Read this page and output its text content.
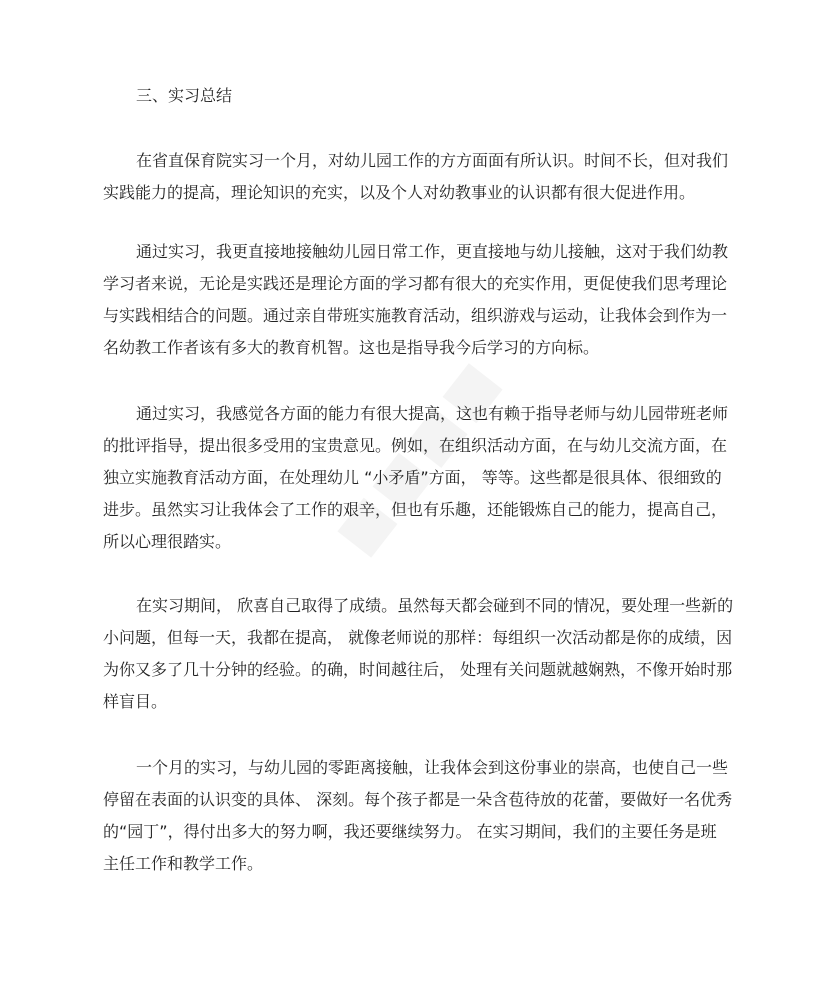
三、实习总结
在省直保育院实习一个月，对幼儿园工作的方方面面有所认识。时间不长，但对我们
实践能力的提高，理论知识的充实，以及个人对幼教事业的认识都有很大促进作用。
通过实习，我更直接地接触幼儿园日常工作，更直接地与幼儿接触，这对于我们幼教
学习者来说，无论是实践还是理论方面的学习都有很大的充实作用，更促使我们思考理论
与实践相结合的问题。通过亲自带班实施教育活动，组织游戏与运动，让我体会到作为一
名幼教工作者该有多大的教育机智。这也是指导我今后学习的方向标。
通过实习，我感觉各方面的能力有很大提高，这也有赖于指导老师与幼儿园带班老师
的批评指导，提出很多受用的宝贵意见。例如，在组织活动方面，在与幼儿交流方面，在
独立实施教育活动方面，在处理幼儿 “小矛盾”方面， 等等。这些都是很具体、很细致的
进步。虽然实习让我体会了工作的艰辛，但也有乐趣，还能锻炼自己的能力，提高自己，
所以心理很踏实。
在实习期间， 欣喜自己取得了成绩。虽然每天都会碰到不同的情况，要处理一些新的
小问题，但每一天，我都在提高， 就像老师说的那样：每组织一次活动都是你的成绩，因
为你又多了几十分钟的经验。的确，时间越往后， 处理有关问题就越娴熟，不像开始时那
样盲目。
一个月的实习，与幼儿园的零距离接触，让我体会到这份事业的崇高，也使自己一些
停留在表面的认识变的具体、 深刻。每个孩子都是一朵含苞待放的花蕾，要做好一名优秀
的“园丁”，得付出多大的努力啊，我还要继续努力。 在实习期间，我们的主要任务是班
主任工作和教学工作。
